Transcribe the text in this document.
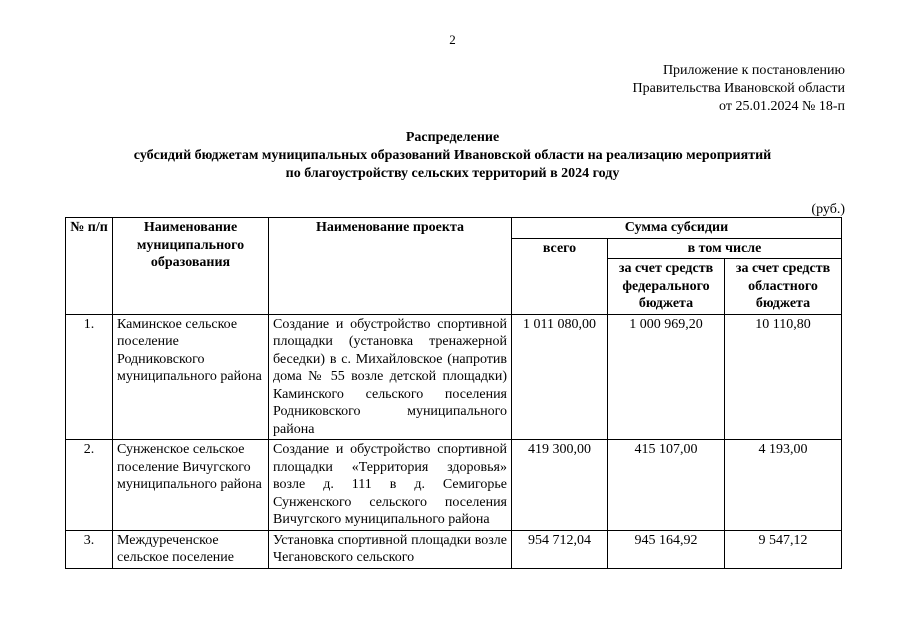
2
Приложение к постановлению
Правительства Ивановской области
от 25.01.2024 № 18-п
Распределение
субсидий бюджетам муниципальных образований Ивановской области на реализацию мероприятий
по благоустройству сельских территорий в 2024 году
(руб.)
№ п/п	Наименование муниципального образования	Наименование проекта	Сумма субсидии		
			всего	в том числе	
				за счет средств федерального бюджета	за счет средств областного бюджета
1.	Каминское сельское поселение Родниковского муниципального района	Создание и обустройство спортивной площадки (установка тренажерной беседки) в с. Михайловское (напротив дома № 55 возле детской площадки) Каминского сельского поселения Родниковского муниципального района	1 011 080,00	1 000 969,20	10 110,80
2.	Сунженское сельское поселение Вичугского муниципального района	Создание и обустройство спортивной площадки «Территория здоровья» возле д. 111 в д. Семигорье Сунженского сельского поселения Вичугского муниципального района	419 300,00	415 107,00	4 193,00
3.	Междуреченское сельское поселение	Установка спортивной площадки возле Чегановского сельского	954 712,04	945 164,92	9 547,12
